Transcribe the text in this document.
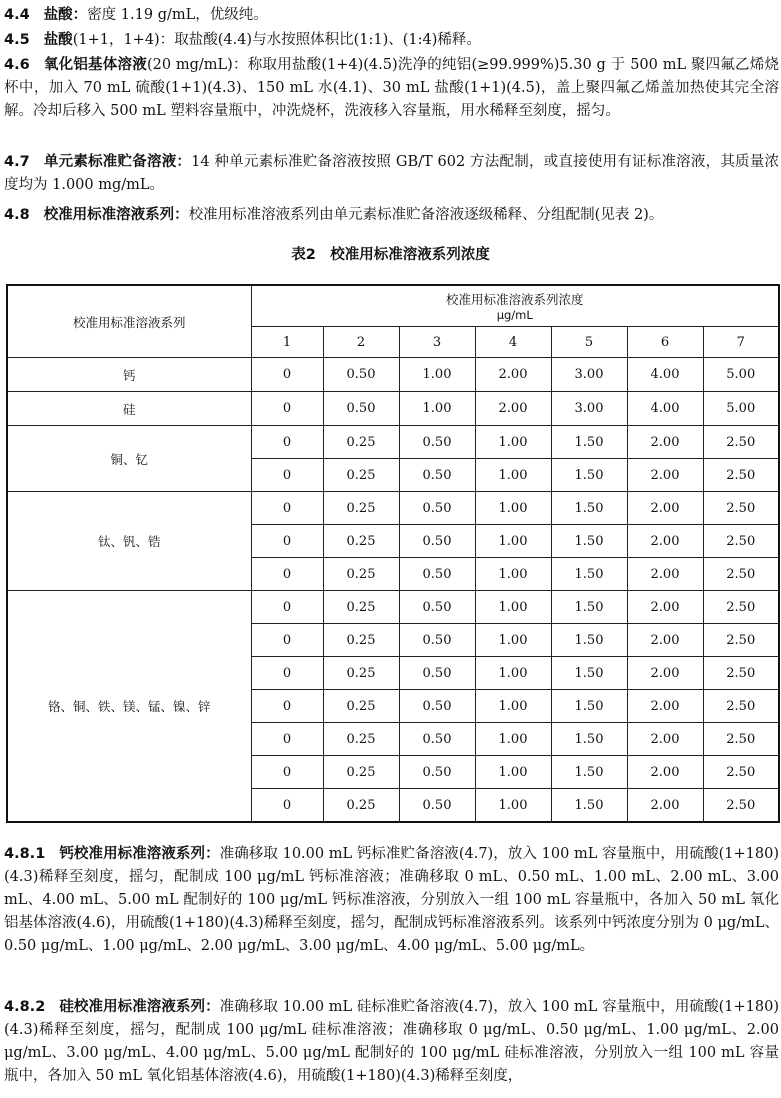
4.4 盐酸：密度 1.19 g/mL，优级纯。

4.5 盐酸(1+1，1+4)：取盐酸(4.4)与水按照体积比(1:1)、(1:4)稀释。

4.6 氧化铝基体溶液(20 mg/mL)：称取用盐酸(1+4)(4.5)洗净的纯铝(≥99.999%)5.30 g 于 500 mL 聚四氟乙烯烧杯中，加入 70 mL 硫酸(1+1)(4.3)、150 mL 水(4.1)、30 mL 盐酸(1+1)(4.5)，盖上聚四氟乙烯盖加热使其完全溶解。冷却后移入 500 mL 塑料容量瓶中，冲洗烧杯，洗液移入容量瓶，用水稀释至刻度，摇匀。

4.7 单元素标准贮备溶液：14 种单元素标准贮备溶液按照 GB/T 602 方法配制，或直接使用有证标准溶液，其质量浓度均为 1.000 mg/mL。

4.8 校准用标准溶液系列：校准用标准溶液系列由单元素标准贮备溶液逐级稀释、分组配制(见表 2)。

表2　校准用标准溶液系列浓度
校准用标准溶液系列	校准用标准溶液系列浓度
μg/mL						

	1	2	3	4	5	6	7
钙	0	0.50	1.00	2.00	3.00	4.00	5.00
硅	0	0.50	1.00	2.00	3.00	4.00	5.00
铜、钇	0	0.25	0.50	1.00	1.50	2.00	2.50
	0	0.25	0.50	1.00	1.50	2.00	2.50
钛、钒、锆	0	0.25	0.50	1.00	1.50	2.00	2.50
	0	0.25	0.50	1.00	1.50	2.00	2.50
	0	0.25	0.50	1.00	1.50	2.00	2.50
铬、铜、铁、镁、锰、镍、锌	0	0.25	0.50	1.00	1.50	2.00	2.50
	0	0.25	0.50	1.00	1.50	2.00	2.50
	0	0.25	0.50	1.00	1.50	2.00	2.50
	0	0.25	0.50	1.00	1.50	2.00	2.50
	0	0.25	0.50	1.00	1.50	2.00	2.50
	0	0.25	0.50	1.00	1.50	2.00	2.50
	0	0.25	0.50	1.00	1.50	2.00	2.50

4.8.1 钙校准用标准溶液系列：准确移取 10.00 mL 钙标准贮备溶液(4.7)，放入 100 mL 容量瓶中，用硫酸(1+180)(4.3)稀释至刻度，摇匀，配制成 100 μg/mL 钙标准溶液；准确移取 0 mL、0.50 mL、1.00 mL、2.00 mL、3.00 mL、4.00 mL、5.00 mL 配制好的 100 μg/mL 钙标准溶液，分别放入一组 100 mL 容量瓶中，各加入 50 mL 氧化铝基体溶液(4.6)，用硫酸(1+180)(4.3)稀释至刻度，摇匀，配制成钙标准溶液系列。该系列中钙浓度分别为 0 μg/mL、0.50 μg/mL、1.00 μg/mL、2.00 μg/mL、3.00 μg/mL、4.00 μg/mL、5.00 μg/mL。

4.8.2 硅校准用标准溶液系列：准确移取 10.00 mL 硅标准贮备溶液(4.7)，放入 100 mL 容量瓶中，用硫酸(1+180)(4.3)稀释至刻度，摇匀，配制成 100 μg/mL 硅标准溶液；准确移取 0 μg/mL、0.50 μg/mL、1.00 μg/mL、2.00 μg/mL、3.00 μg/mL、4.00 μg/mL、5.00 μg/mL 配制好的 100 μg/mL 硅标准溶液，分别放入一组 100 mL 容量瓶中，各加入 50 mL 氧化铝基体溶液(4.6)，用硫酸(1+180)(4.3)稀释至刻度，
